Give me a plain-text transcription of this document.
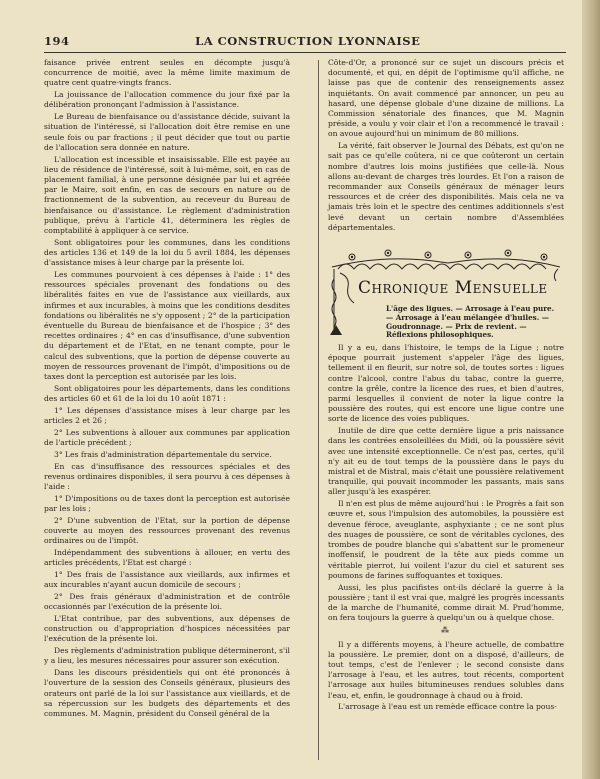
194	LA CONSTRUCTION LYONNAISE

faisance privée entrent seules en décompte jusqu'à concurrence de moitié, avec la même limite maximum de quatre cent quatre-vingts francs.

La jouissance de l'allocation commence du jour fixé par la délibération prononçant l'admission à l'assistance.

Le Bureau de bienfaisance ou d'assistance décide, suivant la situation de l'intéressé, si l'allocation doit être remise en une seule fois ou par fractions ; il peut décider que tout ou partie de l'allocation sera donnée en nature.

L'allocation est incessible et insaisissable. Elle est payée au lieu de résidence de l'intéressé, soit à lui-même, soit, en cas de placement familial, à une personne désignée par lui et agréée par le Maire, soit enfin, en cas de secours en nature ou de fractionnement de la subvention, au receveur du Bureau de bienfaisance ou d'assistance. Le règlement d'administration publique, prévu à l'article 41, déterminera les règles de comptabilité à appliquer à ce service.

Sont obligatoires pour les communes, dans les conditions des articles 136 et 149 de la loi du 5 avril 1884, les dépenses d'assistance mises à leur charge par la présente loi.

Les communes pourvoient à ces dépenses à l'aide : 1° des ressources spéciales provenant des fondations ou des libéralités faites en vue de l'assistance aux vieillards, aux infirmes et aux incurables, à moins que les conditions desdites fondations ou libéralités ne s'y opposent ; 2° de la participation éventuelle du Bureau de bienfaisance et de l'hospice ; 3° des recettes ordinaires ; 4° en cas d'insuffisance, d'une subvention du département et de l'Etat, en ne tenant compte, pour le calcul des subventions, que la portion de dépense couverte au moyen de ressources provenant de l'impôt, d'impositions ou de taxes dont la perception est autorisée par les lois.

Sont obligatoires pour les départements, dans les conditions des articles 60 et 61 de la loi du 10 août 1871 :

1° Les dépenses d'assistance mises à leur charge par les articles 2 et 26 ;

2° Les subventions à allouer aux communes par application de l'article précédent ;

3° Les frais d'administration départementale du service.

En cas d'insuffisance des ressources spéciales et des revenus ordinaires disponibles, il sera pourvu à ces dépenses à l'aide :

1° D'impositions ou de taxes dont la perception est autorisée par les lois ;

2° D'une subvention de l'Etat, sur la portion de dépense couverte au moyen des ressources provenant des revenus ordinaires ou de l'impôt.

Indépendamment des subventions à allouer, en vertu des articles précédents, l'Etat est chargé :

1° Des frais de l'assistance aux vieillards, aux infirmes et aux incurables n'ayant aucun domicile de secours ;

2° Des frais généraux d'administration et de contrôle occasionnés par l'exécution de la présente loi.

L'Etat contribue, par des subventions, aux dépenses de construction ou d'appropriation d'hospices nécessitées par l'exécution de la présente loi.

Des règlements d'administration publique détermineront, s'il y a lieu, les mesures nécessaires pour assurer son exécution.

Dans les discours présidentiels qui ont été prononcés à l'ouverture de la session des Conseils généraux, plusieurs des orateurs ont parlé de la loi sur l'assistance aux vieillards, et de sa répercussion sur les budgets des départements et des communes. M. Magnin, président du Conseil général de la

Côte-d'Or, a prononcé sur ce sujet un discours précis et documenté, et qui, en dépit de l'optimisme qu'il affiche, ne laisse pas que de contenir des renseignements assez inquiétants. On avait commencé par annoncer, un peu au hasard, une dépense globale d'une dizaine de millions. La Commission sénatoriale des finances, que M. Magnin préside, a voulu y voir clair et l'on a recommencé le travail : on avoue aujourd'hui un minimum de 80 millions.

La vérité, fait observer le Journal des Débats, est qu'on ne sait pas ce qu'elle coûtera, ni ce que coûteront un certain nombre d'autres lois moins justifiées que celle-là. Nous allons au-devant de charges très lourdes. Et l'on a raison de recommander aux Conseils généraux de ménager leurs ressources et de créer des disponibilités. Mais cela ne va jamais très loin et le spectre des centimes additionnels s'est levé devant un certain nombre d'Assemblées départementales.

Chronique Mensuelle
L'âge des ligues. — Arrosage à l'eau pure. — Arrosage à l'eau mélangée d'huiles. — Goudronnage. — Prix de revient. — Réflexions philosophiques.

Il y a eu, dans l'histoire, le temps de la Ligue ; notre époque pourrait justement s'appeler l'âge des ligues, tellement il en fleurit, sur notre sol, de toutes sortes : ligues contre l'alcool, contre l'abus du tabac, contre la guerre, contre la grêle, contre la licence des rues, et bien d'autres, parmi lesquelles il convient de noter la ligue contre la poussière des routes, qui est encore une ligue contre une sorte de licence des voies publiques.

Inutile de dire que cette dernière ligue a pris naissance dans les contrées ensoleillées du Midi, où la poussière sévit avec une intensité exceptionnelle. Ce n'est pas, certes, qu'il n'y ait eu de tout temps de la poussière dans le pays du mistral et de Mistral, mais c'était une poussière relativement tranquille, qui pouvait incommoder les passants, mais sans aller jusqu'à les exaspérer.

Il n'en est plus de même aujourd'hui : le Progrès a fait son œuvre et, sous l'impulsion des automobiles, la poussière est devenue féroce, aveuglante, asphyxiante ; ce ne sont plus des nuages de poussière, ce sont de véritables cyclones, des trombes de poudre blanche qui s'abattent sur le promeneur inoffensif, le poudrent de la tête aux pieds comme un véritable pierrot, lui voilent l'azur du ciel et saturent ses poumons de farines suffoquantes et toxiques.

Aussi, les plus pacifistes ont-ils déclaré la guerre à la poussière ; tant il est vrai que, malgré les progrès incessants de la marche de l'humanité, comme dirait M. Prud'homme, on fera toujours la guerre à quelqu'un ou à quelque chose.

⁂

Il y a différents moyens, à l'heure actuelle, de combattre la poussière. Le premier, dont on a disposé, d'ailleurs, de tout temps, c'est de l'enlever ; le second consiste dans l'arrosage à l'eau, et les autres, tout récents, comportent l'arrosage aux huiles bitumineuses rendues solubles dans l'eau, et, enfin, le goudronnage à chaud ou à froid.

L'arrosage à l'eau est un remède efficace contre la pous-
